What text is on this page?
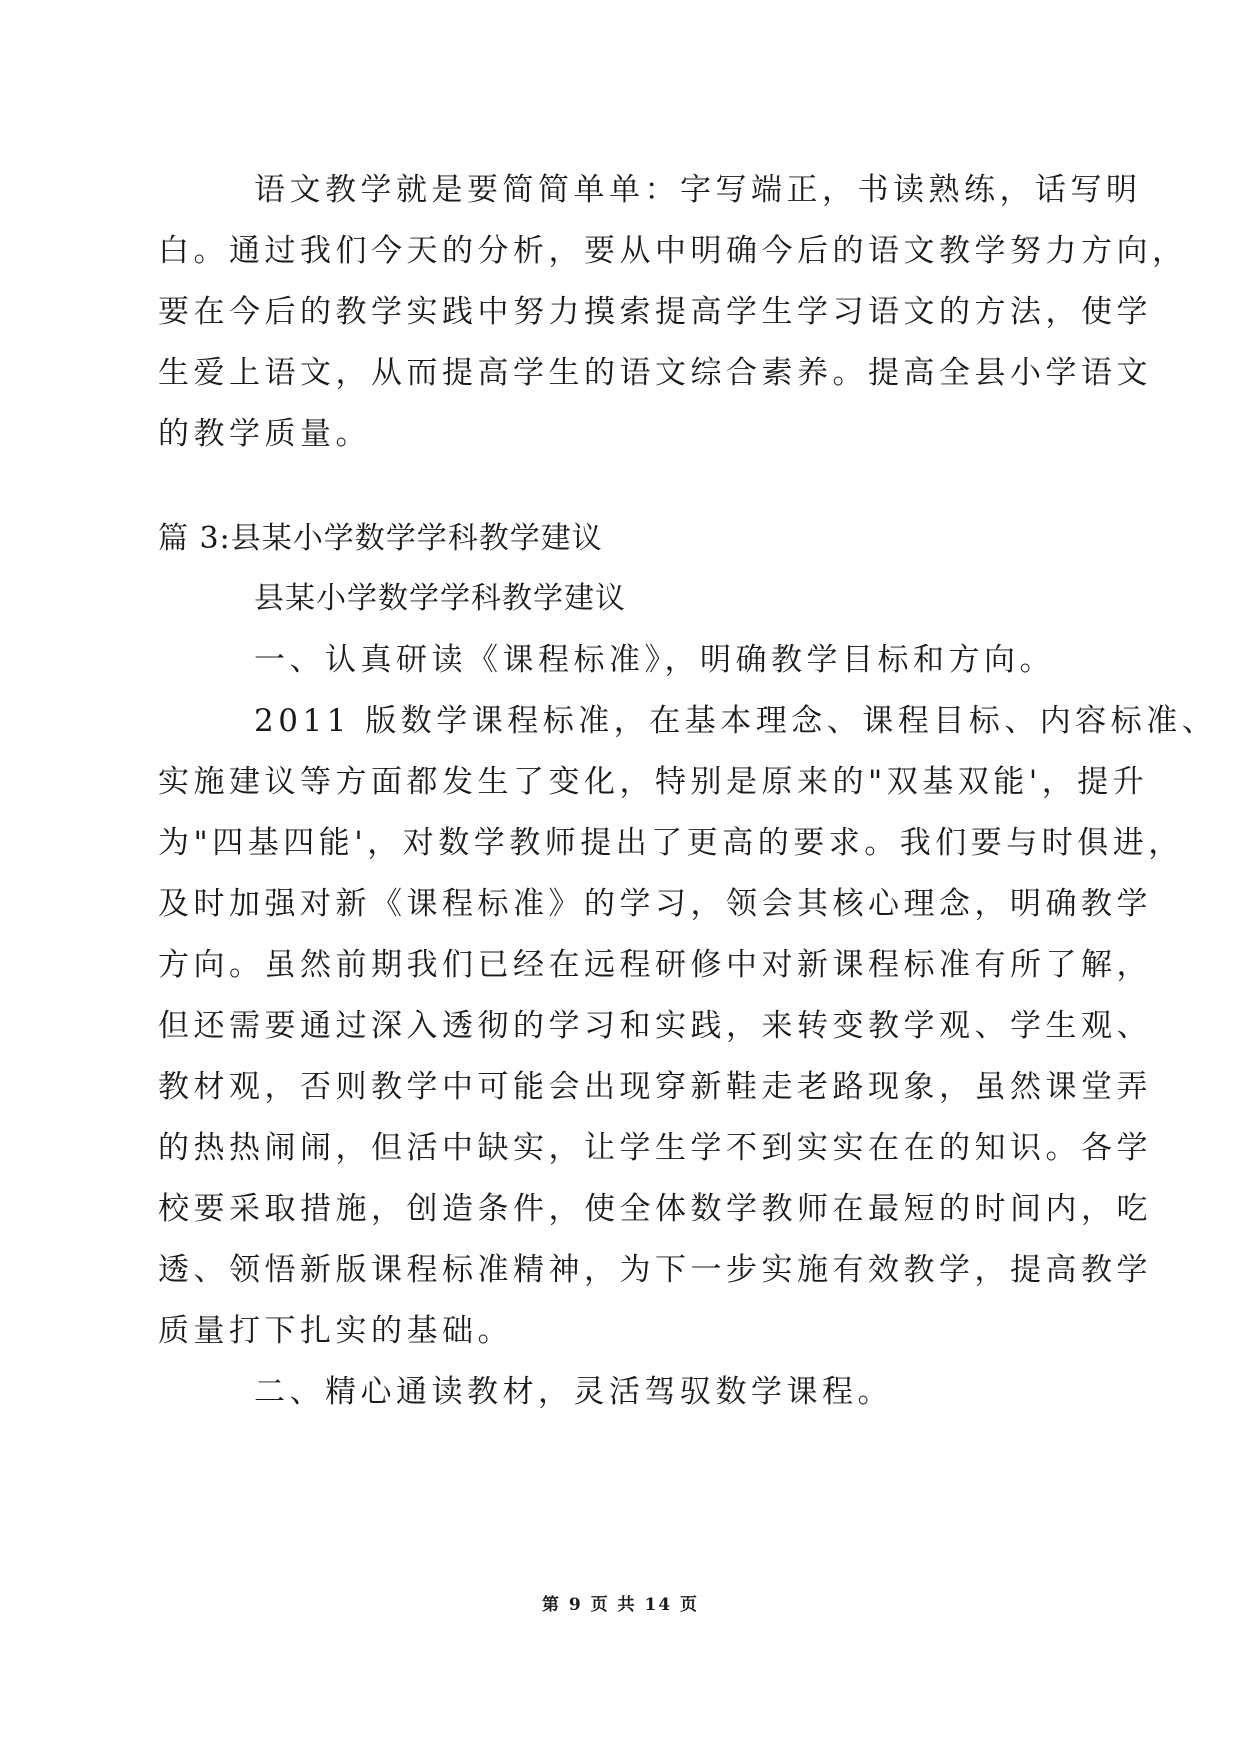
语文教学就是要简简单单：字写端正，书读熟练，话写明
白。通过我们今天的分析，要从中明确今后的语文教学努力方向，
要在今后的教学实践中努力摸索提高学生学习语文的方法，使学
生爱上语文，从而提高学生的语文综合素养。提高全县小学语文
的教学质量。
篇 3:县某小学数学学科教学建议
县某小学数学学科教学建议
一、认真研读《课程标准》，明确教学目标和方向。
2011 版数学课程标准，在基本理念、课程目标、内容标准、
实施建议等方面都发生了变化，特别是原来的"双基双能'，提升
为"四基四能'，对数学教师提出了更高的要求。我们要与时俱进，
及时加强对新《课程标准》的学习，领会其核心理念，明确教学
方向。虽然前期我们已经在远程研修中对新课程标准有所了解，
但还需要通过深入透彻的学习和实践，来转变教学观、学生观、
教材观，否则教学中可能会出现穿新鞋走老路现象，虽然课堂弄
的热热闹闹，但活中缺实，让学生学不到实实在在的知识。各学
校要采取措施，创造条件，使全体数学教师在最短的时间内，吃
透、领悟新版课程标准精神，为下一步实施有效教学，提高教学
质量打下扎实的基础。
二、精心通读教材，灵活驾驭数学课程。
第 9 页 共 14 页
